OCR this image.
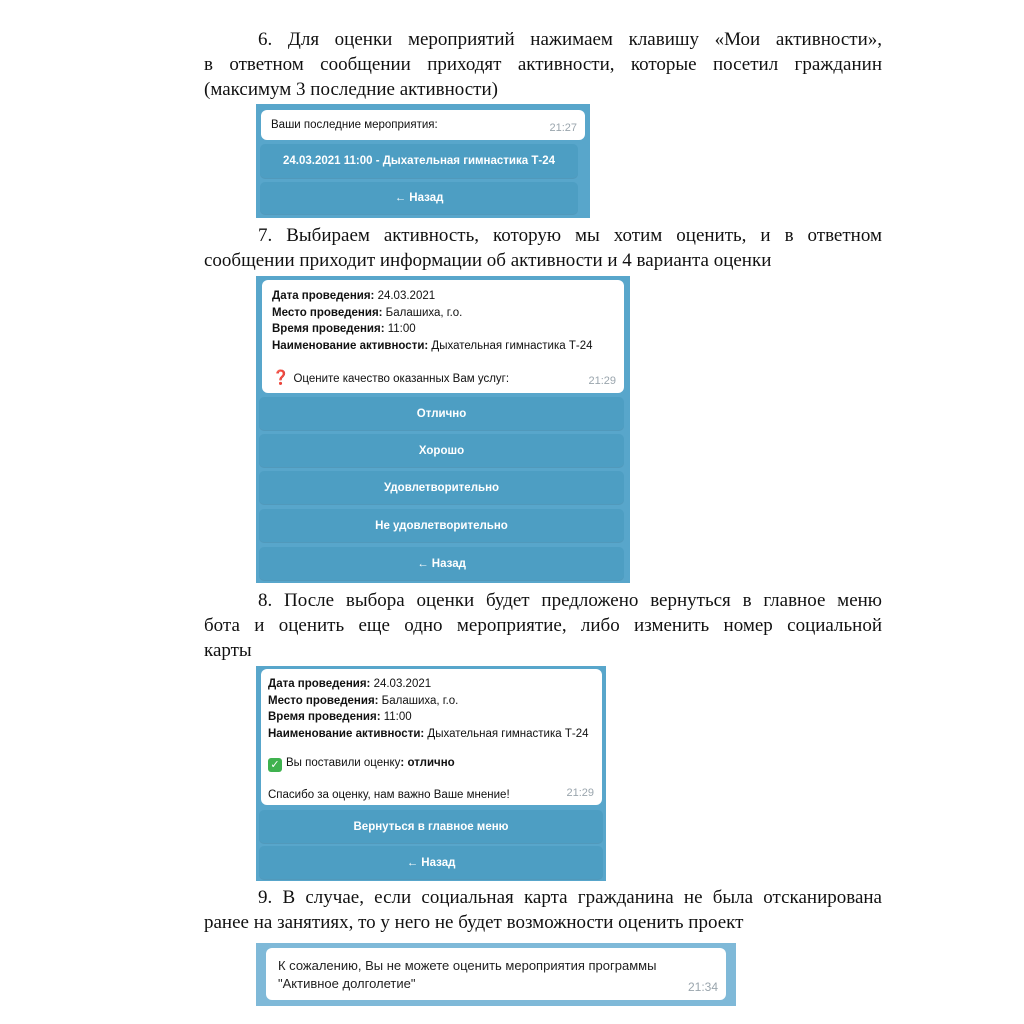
6. Для оценки мероприятий нажимаем клавишу «Мои активности»,
в ответном сообщении приходят активности, которые посетил гражданин
(максимум 3 последние активности)

Ваши последние мероприятия:	21:27
24.03.2021 11:00 - Дыхательная гимнастика Т-24
← Назад

7. Выбираем активность, которую мы хотим оценить, и в ответном
сообщении приходит информации об активности и 4 варианта оценки

Дата проведения: 24.03.2021
Место проведения: Балашиха, г.о.
Время проведения: 11:00
Наименование активности: Дыхательная гимнастика Т-24
❓ Оцените качество оказанных Вам услуг:	21:29
Отлично
Хорошо
Удовлетворительно
Не удовлетворительно
← Назад

8. После выбора оценки будет предложено вернуться в главное меню
бота и оценить еще одно мероприятие, либо изменить номер социальной
карты

Дата проведения: 24.03.2021
Место проведения: Балашиха, г.о.
Время проведения: 11:00
Наименование активности: Дыхательная гимнастика Т-24
✓ Вы поставили оценку: отлично
Спасибо за оценку, нам важно Ваше мнение!	21:29
Вернуться в главное меню
← Назад

9. В случае, если социальная карта гражданина не была отсканирована
ранее на занятиях, то у него не будет возможности оценить проект

К сожалению, Вы не можете оценить мероприятия программы
"Активное долголетие"	21:34
